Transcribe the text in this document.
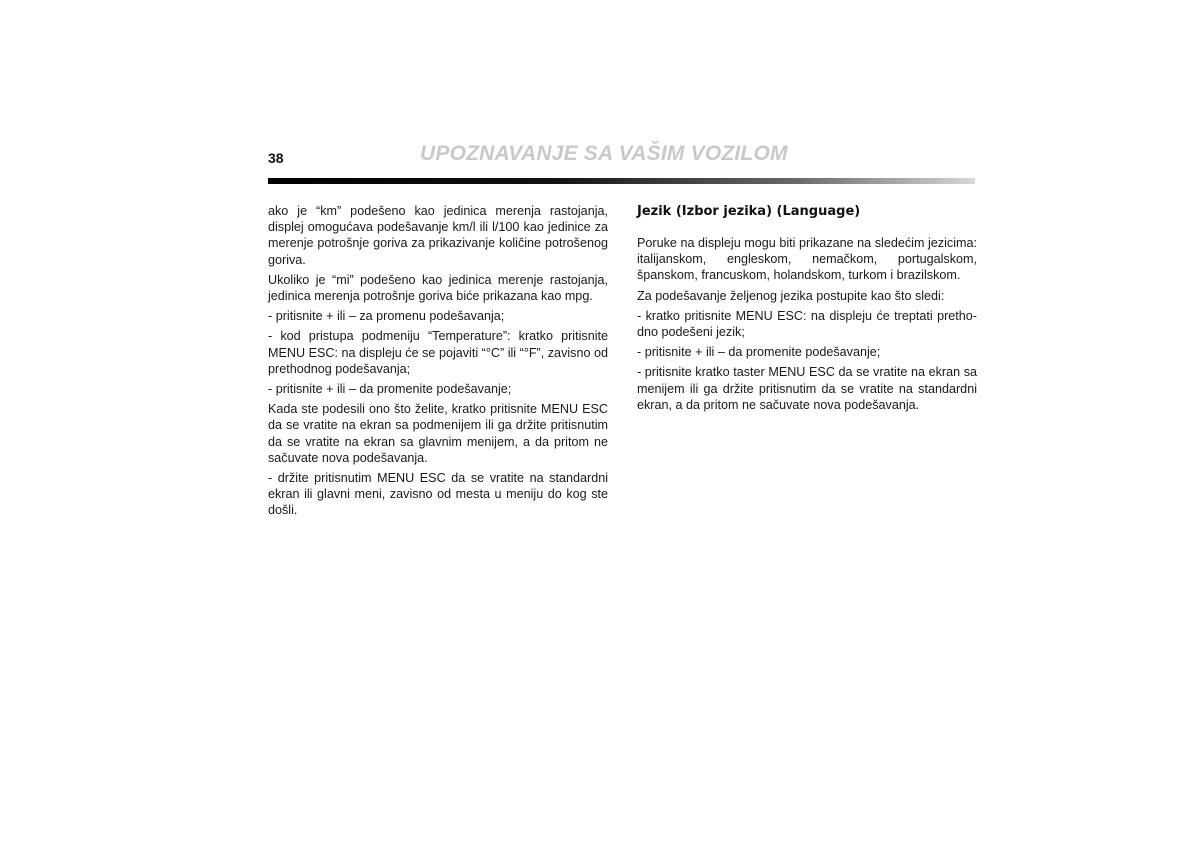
38	UPOZNAVANJE SA VAŠIM VOZILOM

ako je “km” podešeno kao jedinica merenja rastojanja, displej omogućava podešavanje km/l ili l/100 kao jedinice za merenje potrošnje goriva za prikazivanje količine potrošenog goriva.

Ukoliko je “mi” podešeno kao jedinica merenje rastojanja, jedinica merenja potrošnje goriva biće prikazana kao mpg.

- pritisnite + ili – za promenu podešavanja;

- kod pristupa podmeniju “Temperature”: kratko pritisnite MENU ESC: na displeju će se pojaviti “°C” ili “°F”, zavisno od prethodnog podešavanja;

- pritisnite + ili – da promenite podešavanje;

Kada ste podesili ono što želite, kratko pritisnite MENU ESC da se vratite na ekran sa podmenijem ili ga držite pritisnutim da se vratite na ekran sa glavnim menijem, a da pritom ne sačuvate nova podešavanja.

- držite pritisnutim MENU ESC da se vratite na standardni ekran ili glavni meni, zavisno od mesta u meniju do kog ste došli.

Jezik (Izbor jezika) (Language)

Poruke na displeju mogu biti prikazane na sledećim jezicima: italijanskom, engleskom, nemačkom, portugalskom, španskom, francuskom, holandskom, turkom i brazilskom.

Za podešavanje željenog jezika postupite kao što sledi:

- kratko pritisnite MENU ESC: na displeju će treptati pretho-dno podešeni jezik;

- pritisnite + ili – da promenite podešavanje;

- pritisnite kratko taster MENU ESC da se vratite na ekran sa menijem ili ga držite pritisnutim da se vratite na standardni ekran, a da pritom ne sačuvate nova podešavanja.
